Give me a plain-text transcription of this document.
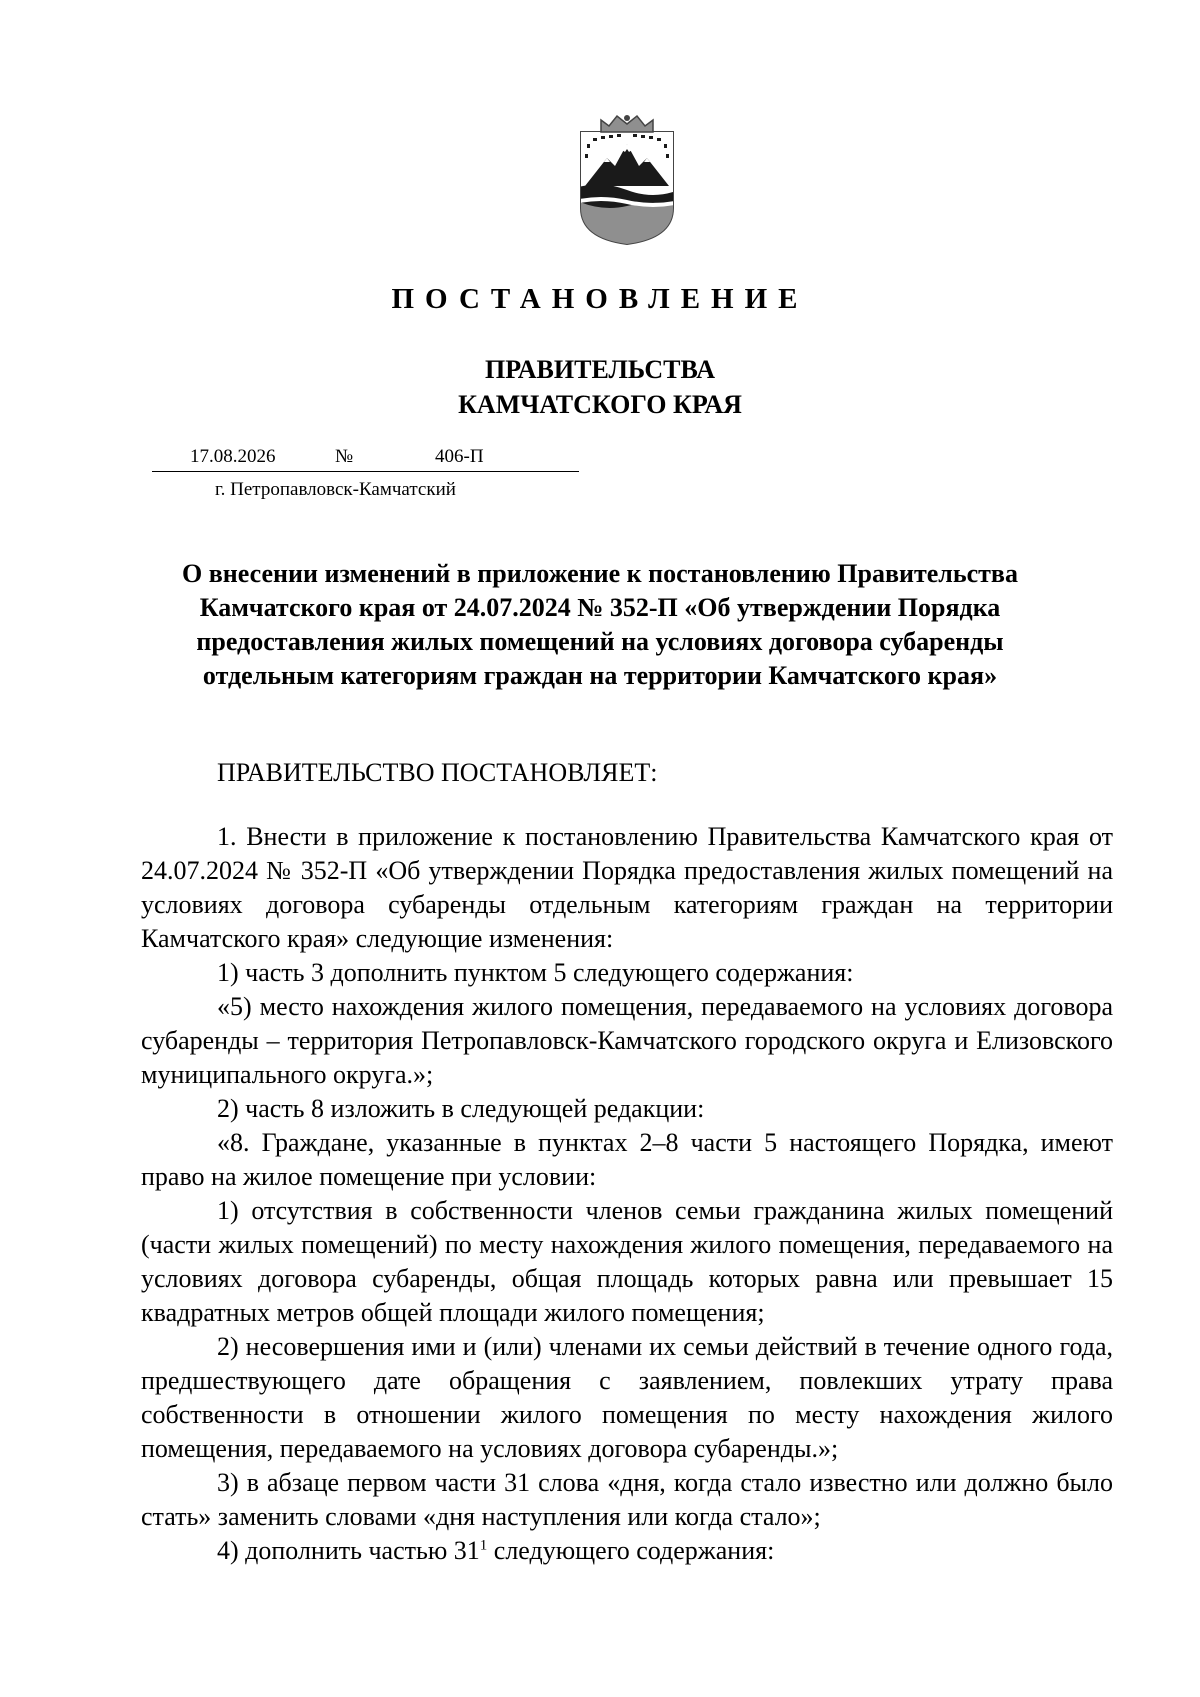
ПОСТАНОВЛЕНИЕ
ПРАВИТЕЛЬСТВА
КАМЧАТСКОГО КРАЯ
17.08.2026	№	406-П
г. Петропавловск-Камчатский
О внесении изменений в приложение к постановлению Правительства
Камчатского края от 24.07.2024 № 352-П «Об утверждении Порядка
предоставления жилых помещений на условиях договора субаренды
отдельным категориям граждан на территории Камчатского края»
ПРАВИТЕЛЬСТВО ПОСТАНОВЛЯЕТ:

1. Внести в приложение к постановлению Правительства Камчатского края от 24.07.2024 № 352-П «Об утверждении Порядка предоставления жилых помещений на условиях договора субаренды отдельным категориям граждан на территории Камчатского края» следующие изменения:

1) часть 3 дополнить пунктом 5 следующего содержания:

«5) место нахождения жилого помещения, передаваемого на условиях договора субаренды – территория Петропавловск-Камчатского городского округа и Елизовского муниципального округа.»;

2) часть 8 изложить в следующей редакции:

«8. Граждане, указанные в пунктах 2–8 части 5 настоящего Порядка, имеют право на жилое помещение при условии:

1) отсутствия в собственности членов семьи гражданина жилых помещений (части жилых помещений) по месту нахождения жилого помещения, передаваемого на условиях договора субаренды, общая площадь которых равна или превышает 15 квадратных метров общей площади жилого помещения;

2) несовершения ими и (или) членами их семьи действий в течение одного года, предшествующего дате обращения с заявлением, повлекших утрату права собственности в отношении жилого помещения по месту нахождения жилого помещения, передаваемого на условиях договора субаренды.»;

3) в абзаце первом части 31 слова «дня, когда стало известно или должно было стать» заменить словами «дня наступления или когда стало»;

4) дополнить частью $31^1$ следующего содержания:
